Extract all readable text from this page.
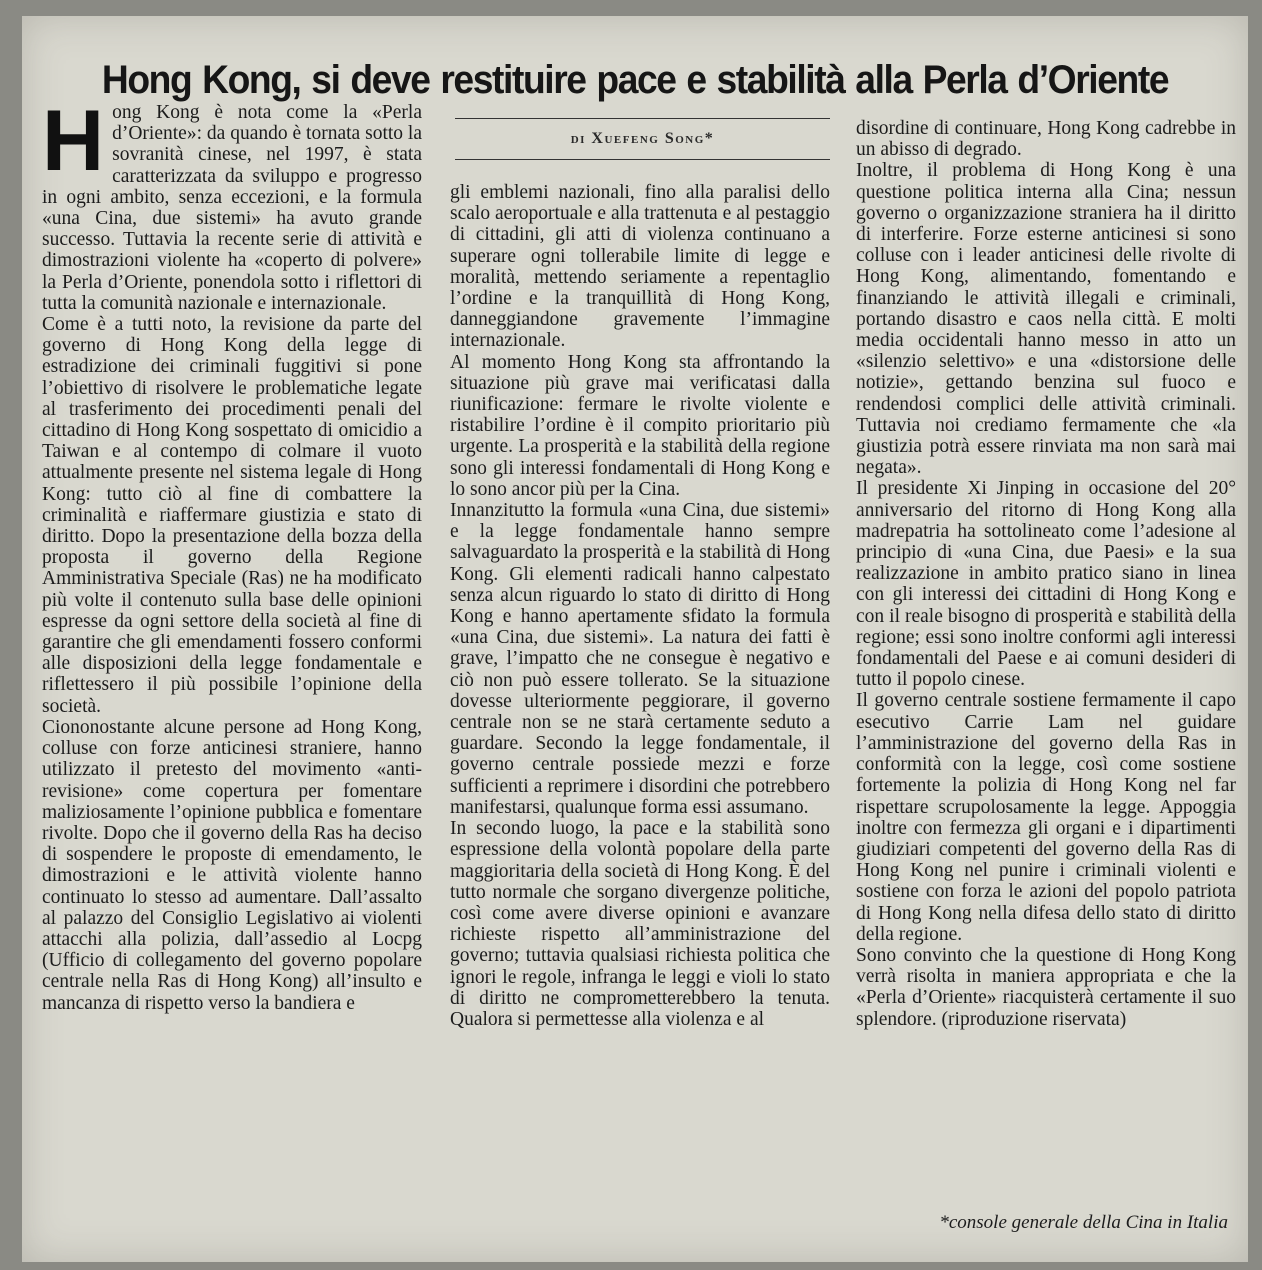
Hong Kong, si deve restituire pace e stabilità alla Perla d’Oriente
H ong Kong è nota come la «Perla d’Oriente»: da quando è tornata sotto la sovranità cinese, nel 1997, è stata caratterizzata da sviluppo e progresso in ogni ambito, senza eccezioni, e la formula «una Cina, due sistemi» ha avuto grande successo. Tuttavia la recente serie di attività e dimostrazioni violente ha «coperto di polvere» la Perla d’Oriente, ponendola sotto i riflettori di tutta la comunità nazionale e internazionale.

Come è a tutti noto, la revisione da parte del governo di Hong Kong della legge di estradizione dei criminali fuggitivi si pone l’obiettivo di risolvere le problematiche legate al trasferimento dei procedimenti penali del cittadino di Hong Kong sospettato di omicidio a Taiwan e al contempo di colmare il vuoto attualmente presente nel sistema legale di Hong Kong: tutto ciò al fine di combattere la criminalità e riaffermare giustizia e stato di diritto. Dopo la presentazione della bozza della proposta il governo della Regione Amministrativa Speciale (Ras) ne ha modificato più volte il contenuto sulla base delle opinioni espresse da ogni settore della società al fine di garantire che gli emendamenti fossero conformi alle disposizioni della legge fondamentale e riflettessero il più possibile l’opinione della società.

Ciononostante alcune persone ad Hong Kong, colluse con forze anticinesi straniere, hanno utilizzato il pretesto del movimento «anti-revisione» come copertura per fomentare maliziosamente l’opinione pubblica e fomentare rivolte. Dopo che il governo della Ras ha deciso di sospendere le proposte di emendamento, le dimostrazioni e le attività violente hanno continuato lo stesso ad aumentare. Dall’assalto al palazzo del Consiglio Legislativo ai violenti attacchi alla polizia, dall’assedio al Locpg (Ufficio di collegamento del governo popolare centrale nella Ras di Hong Kong) all’insulto e mancanza di rispetto verso la bandiera e

di Xuefeng Song*

gli emblemi nazionali, fino alla paralisi dello scalo aeroportuale e alla trattenuta e al pestaggio di cittadini, gli atti di violenza continuano a superare ogni tollerabile limite di legge e moralità, mettendo seriamente a repentaglio l’ordine e la tranquillità di Hong Kong, danneggiandone gravemente l’immagine internazionale.

Al momento Hong Kong sta affrontando la situazione più grave mai verificatasi dalla riunificazione: fermare le rivolte violente e ristabilire l’ordine è il compito prioritario più urgente. La prosperità e la stabilità della regione sono gli interessi fondamentali di Hong Kong e lo sono ancor più per la Cina.

Innanzitutto la formula «una Cina, due sistemi» e la legge fondamentale hanno sempre salvaguardato la prosperità e la stabilità di Hong Kong. Gli elementi radicali hanno calpestato senza alcun riguardo lo stato di diritto di Hong Kong e hanno apertamente sfidato la formula «una Cina, due sistemi». La natura dei fatti è grave, l’impatto che ne consegue è negativo e ciò non può essere tollerato. Se la situazione dovesse ulteriormente peggiorare, il governo centrale non se ne starà certamente seduto a guardare. Secondo la legge fondamentale, il governo centrale possiede mezzi e forze sufficienti a reprimere i disordini che potrebbero manifestarsi, qualunque forma essi assumano.

In secondo luogo, la pace e la stabilità sono espressione della volontà popolare della parte maggioritaria della società di Hong Kong. È del tutto normale che sorgano divergenze politiche, così come avere diverse opinioni e avanzare richieste rispetto all’amministrazione del governo; tuttavia qualsiasi richiesta politica che ignori le regole, infranga le leggi e violi lo stato di diritto ne comprometterebbero la tenuta. Qualora si permettesse alla violenza e al

disordine di continuare, Hong Kong cadrebbe in un abisso di degrado.

Inoltre, il problema di Hong Kong è una questione politica interna alla Cina; nessun governo o organizzazione straniera ha il diritto di interferire. Forze esterne anticinesi si sono colluse con i leader anticinesi delle rivolte di Hong Kong, alimentando, fomentando e finanziando le attività illegali e criminali, portando disastro e caos nella città. E molti media occidentali hanno messo in atto un «silenzio selettivo» e una «distorsione delle notizie», gettando benzina sul fuoco e rendendosi complici delle attività criminali. Tuttavia noi crediamo fermamente che «la giustizia potrà essere rinviata ma non sarà mai negata».

Il presidente Xi Jinping in occasione del 20° anniversario del ritorno di Hong Kong alla madrepatria ha sottolineato come l’adesione al principio di «una Cina, due Paesi» e la sua realizzazione in ambito pratico siano in linea con gli interessi dei cittadini di Hong Kong e con il reale bisogno di prosperità e stabilità della regione; essi sono inoltre conformi agli interessi fondamentali del Paese e ai comuni desideri di tutto il popolo cinese.

Il governo centrale sostiene fermamente il capo esecutivo Carrie Lam nel guidare l’amministrazione del governo della Ras in conformità con la legge, così come sostiene fortemente la polizia di Hong Kong nel far rispettare scrupolosamente la legge. Appoggia inoltre con fermezza gli organi e i dipartimenti giudiziari competenti del governo della Ras di Hong Kong nel punire i criminali violenti e sostiene con forza le azioni del popolo patriota di Hong Kong nella difesa dello stato di diritto della regione.

Sono convinto che la questione di Hong Kong verrà risolta in maniera appropriata e che la «Perla d’Oriente» riacquisterà certamente il suo splendore. (riproduzione riservata)

*console generale della Cina in Italia
